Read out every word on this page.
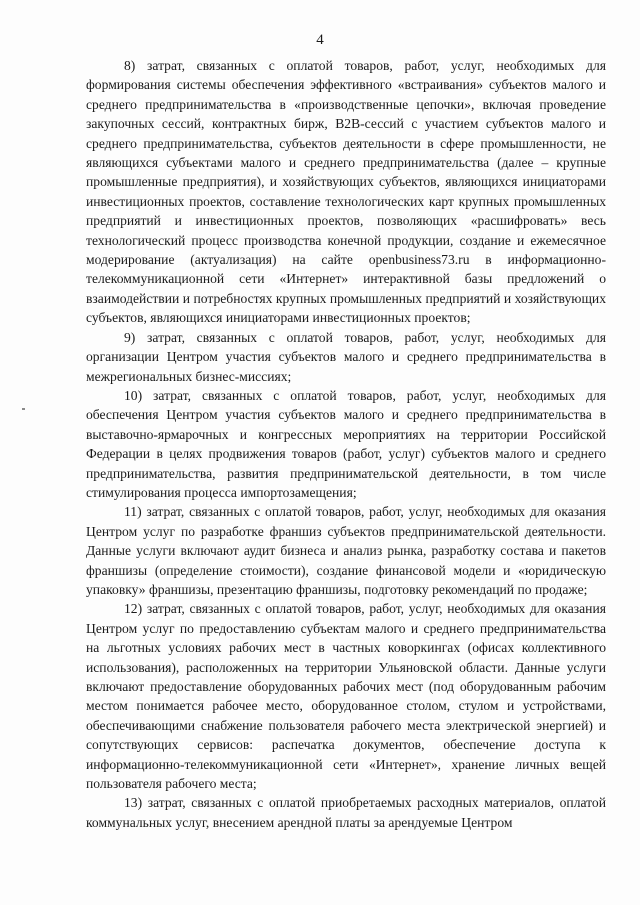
4

8) затрат, связанных с оплатой товаров, работ, услуг, необходимых для формирования системы обеспечения эффективного «встраивания» субъектов малого и среднего предпринимательства в «производственные цепочки», включая проведение закупочных сессий, контрактных бирж, B2B-сессий с участием субъектов малого и среднего предпринимательства, субъектов деятельности в сфере промышленности, не являющихся субъектами малого и среднего предпринимательства (далее – крупные промышленные предприятия), и хозяйствующих субъектов, являющихся инициаторами инвестиционных проектов, составление технологических карт крупных промышленных предприятий и инвестиционных проектов, позволяющих «расшифровать» весь технологический процесс производства конечной продукции, создание и ежемесячное модерирование (актуализация) на сайте openbusiness73.ru в информационно-телекоммуникационной сети «Интернет» интерактивной базы предложений о взаимодействии и потребностях крупных промышленных предприятий и хозяйствующих субъектов, являющихся инициаторами инвестиционных проектов;

9) затрат, связанных с оплатой товаров, работ, услуг, необходимых для организации Центром участия субъектов малого и среднего предпринимательства в межрегиональных бизнес-миссиях;

10) затрат, связанных с оплатой товаров, работ, услуг, необходимых для обеспечения Центром участия субъектов малого и среднего предпринимательства в выставочно-ярмарочных и конгрессных мероприятиях на территории Российской Федерации в целях продвижения товаров (работ, услуг) субъектов малого и среднего предпринимательства, развития предпринимательской деятельности, в том числе стимулирования процесса импортозамещения;

11) затрат, связанных с оплатой товаров, работ, услуг, необходимых для оказания Центром услуг по разработке франшиз субъектов предпринимательской деятельности. Данные услуги включают аудит бизнеса и анализ рынка, разработку состава и пакетов франшизы (определение стоимости), создание финансовой модели и «юридическую упаковку» франшизы, презентацию франшизы, подготовку рекомендаций по продаже;

12) затрат, связанных с оплатой товаров, работ, услуг, необходимых для оказания Центром услуг по предоставлению субъектам малого и среднего предпринимательства на льготных условиях рабочих мест в частных коворкингах (офисах коллективного использования), расположенных на территории Ульяновской области. Данные услуги включают предоставление оборудованных рабочих мест (под оборудованным рабочим местом понимается рабочее место, оборудованное столом, стулом и устройствами, обеспечивающими снабжение пользователя рабочего места электрической энергией) и сопутствующих сервисов: распечатка документов, обеспечение доступа к информационно-телекоммуникационной сети «Интернет», хранение личных вещей пользователя рабочего места;

13) затрат, связанных с оплатой приобретаемых расходных материалов, оплатой коммунальных услуг, внесением арендной платы за арендуемые Центром
